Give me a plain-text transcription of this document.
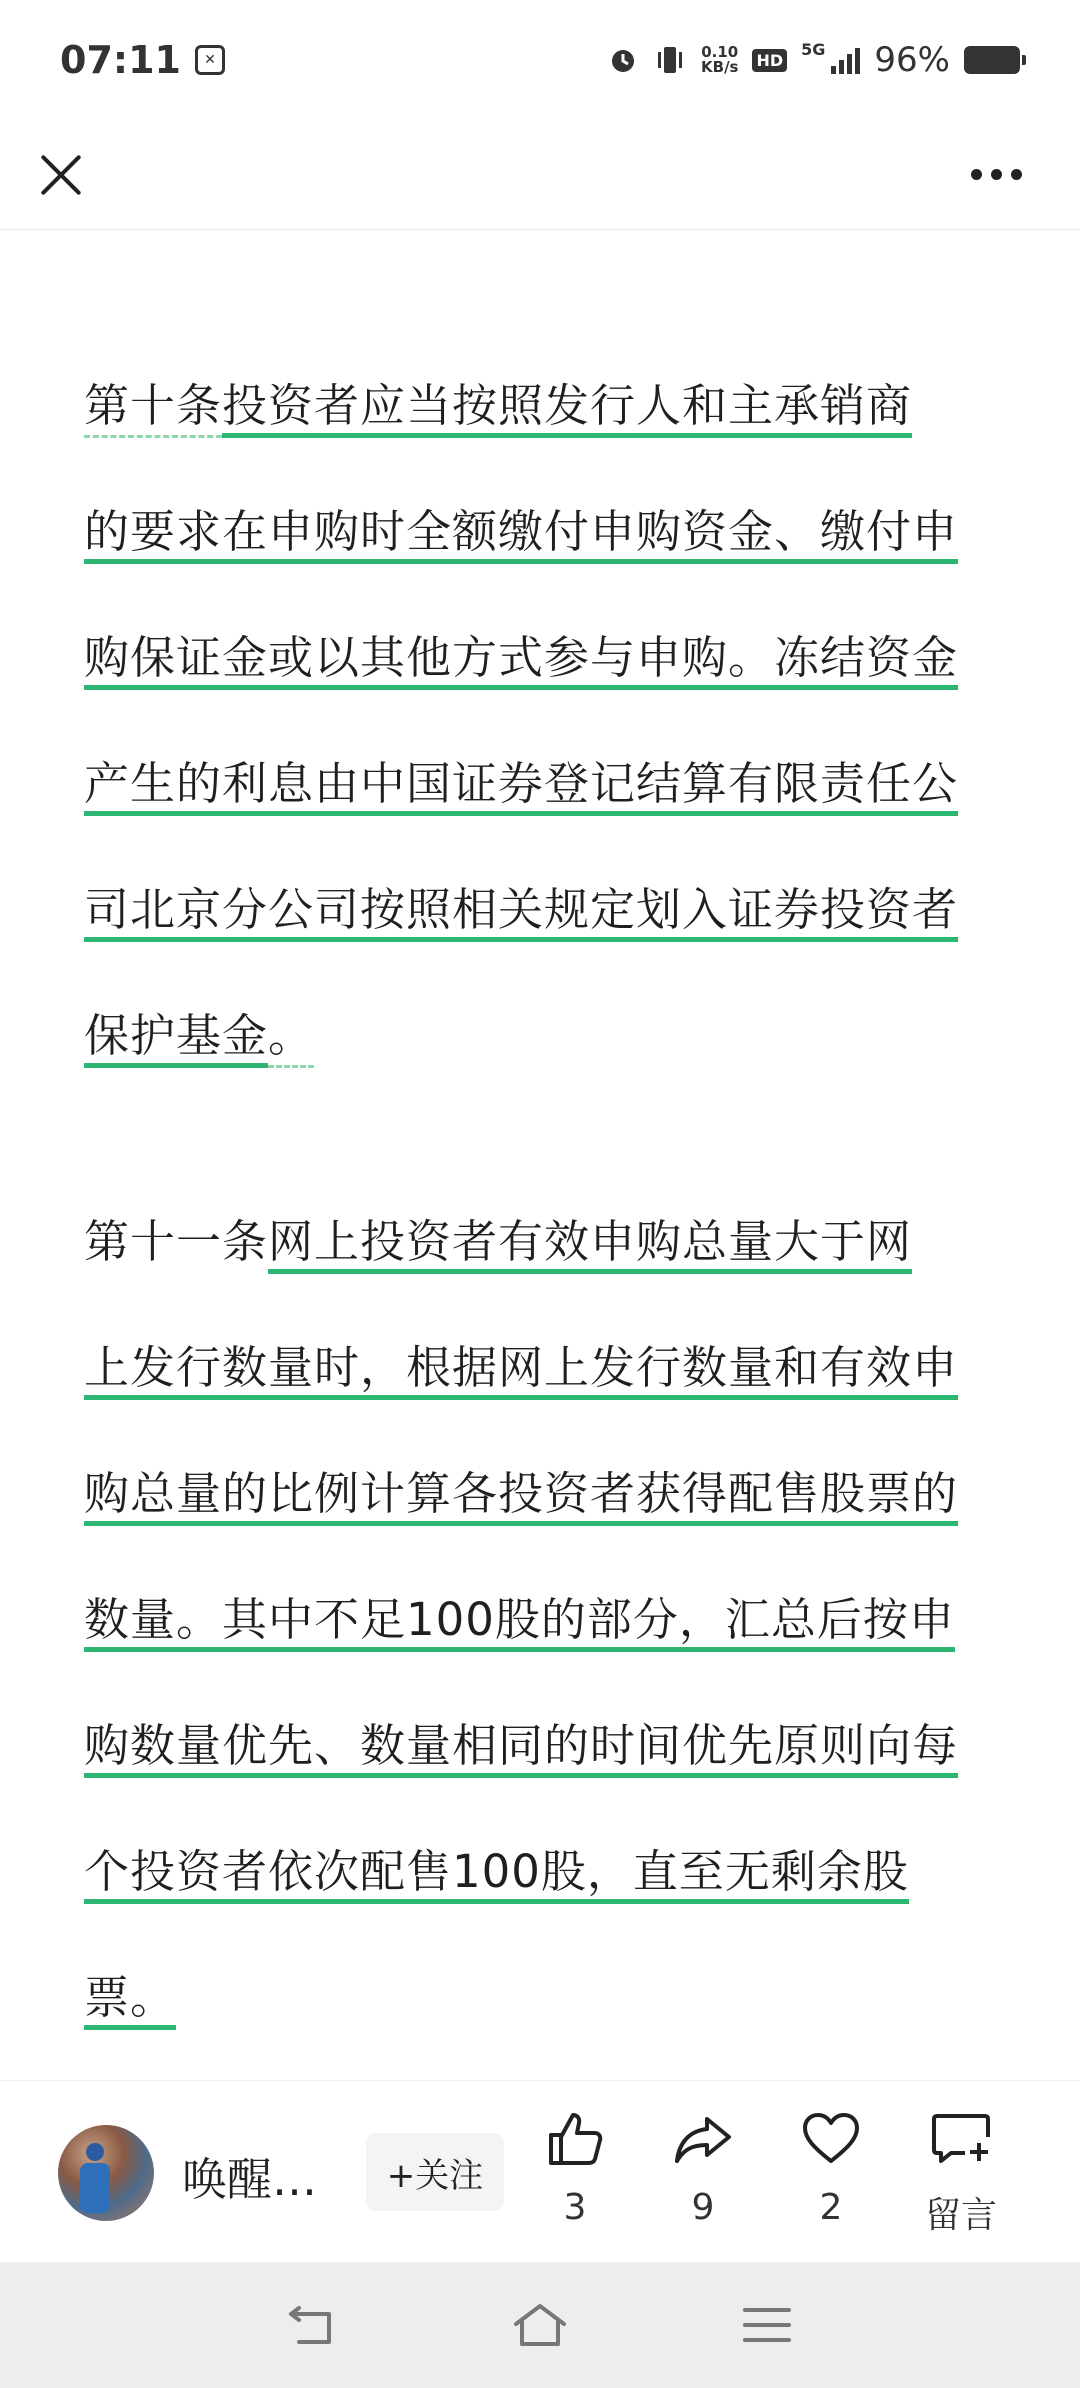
07:11	✕	0.10
KB/s HD
5G 96%
第十条投资者应当按照发行人和主承销商
的要求在申购时全额缴付申购资金、缴付申
购保证金或以其他方式参与申购。冻结资金
产生的利息由中国证券登记结算有限责任公
司北京分公司按照相关规定划入证券投资者
保护基金。
第十一条网上投资者有效申购总量大于网
上发行数量时，根据网上发行数量和有效申
购总量的比例计算各投资者获得配售股票的
数量。其中不足100股的部分，汇总后按申
购数量优先、数量相同的时间优先原则向每
个投资者依次配售100股，直至无剩余股
票。
唤醒…	+关注
3	9	2 留言
